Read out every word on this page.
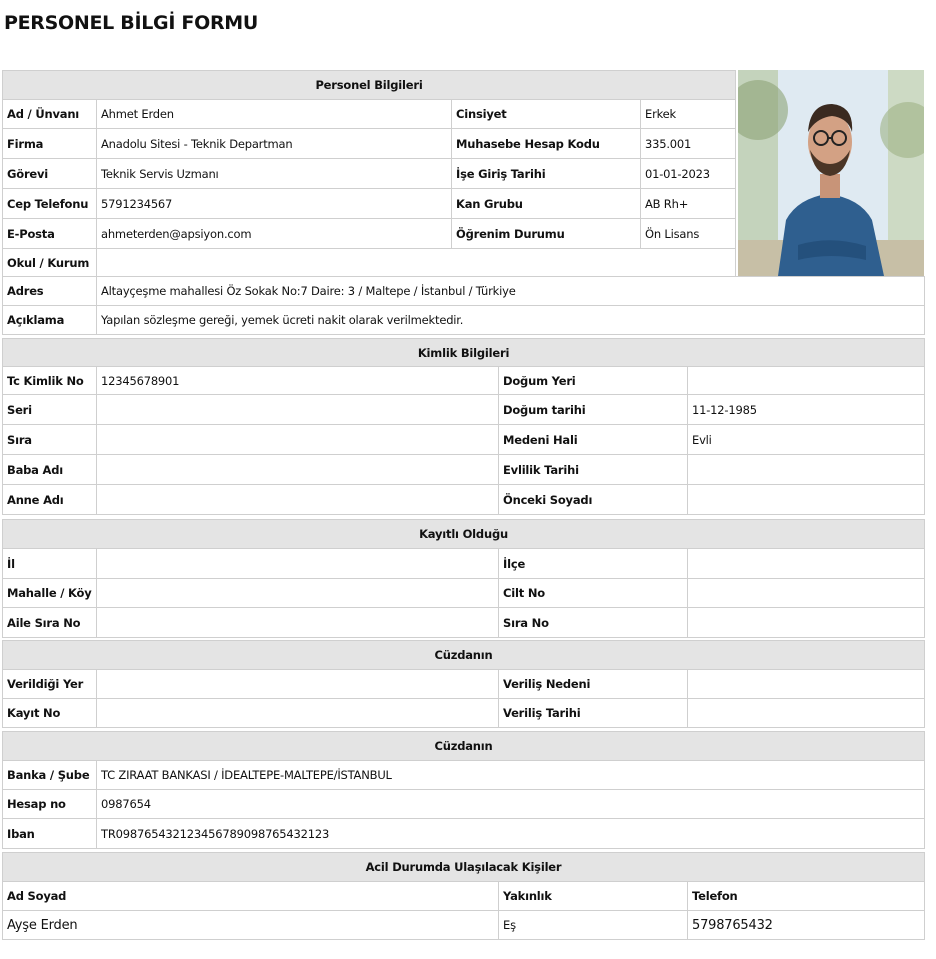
PERSONEL BİLGİ FORMU
Personel Bilgileri			
Ad / Ünvanı	Ahmet Erden	Cinsiyet	Erkek
Firma	Anadolu Sitesi - Teknik Departman	Muhasebe Hesap Kodu	335.001
Görevi	Teknik Servis Uzmanı	İşe Giriş Tarihi	01-01-2023
Cep Telefonu	5791234567	Kan Grubu	AB Rh+
E-Posta	ahmeterden@apsiyon.com	Öğrenim Durumu	Ön Lisans
Okul / Kurum			
Adres	Altayçeşme mahallesi Öz Sokak No:7 Daire: 3 / Maltepe / İstanbul / Türkiye
Açıklama	Yapılan sözleşme gereği, yemek ücreti nakit olarak verilmektedir.
Kimlik Bilgileri			
Tc Kimlik No	12345678901	Doğum Yeri	
Seri		Doğum tarihi	11-12-1985
Sıra		Medeni Hali	Evli
Baba Adı		Evlilik Tarihi	
Anne Adı		Önceki Soyadı	
Kayıtlı Olduğu			
İl		İlçe	
Mahalle / Köy		Cilt No	
Aile Sıra No		Sıra No	
Cüzdanın			
Verildiği Yer		Veriliş Nedeni	
Kayıt No		Veriliş Tarihi	
Cüzdanın	
Banka / Şube	TC ZIRAAT BANKASI / İDEALTEPE-MALTEPE/İSTANBUL
Hesap no	0987654
Iban	TR0987654321234567890987654321​23
Acil Durumda Ulaşılacak Kişiler		
Ad Soyad	Yakınlık	Telefon
Ayşe Erden	Eş	5798765432
